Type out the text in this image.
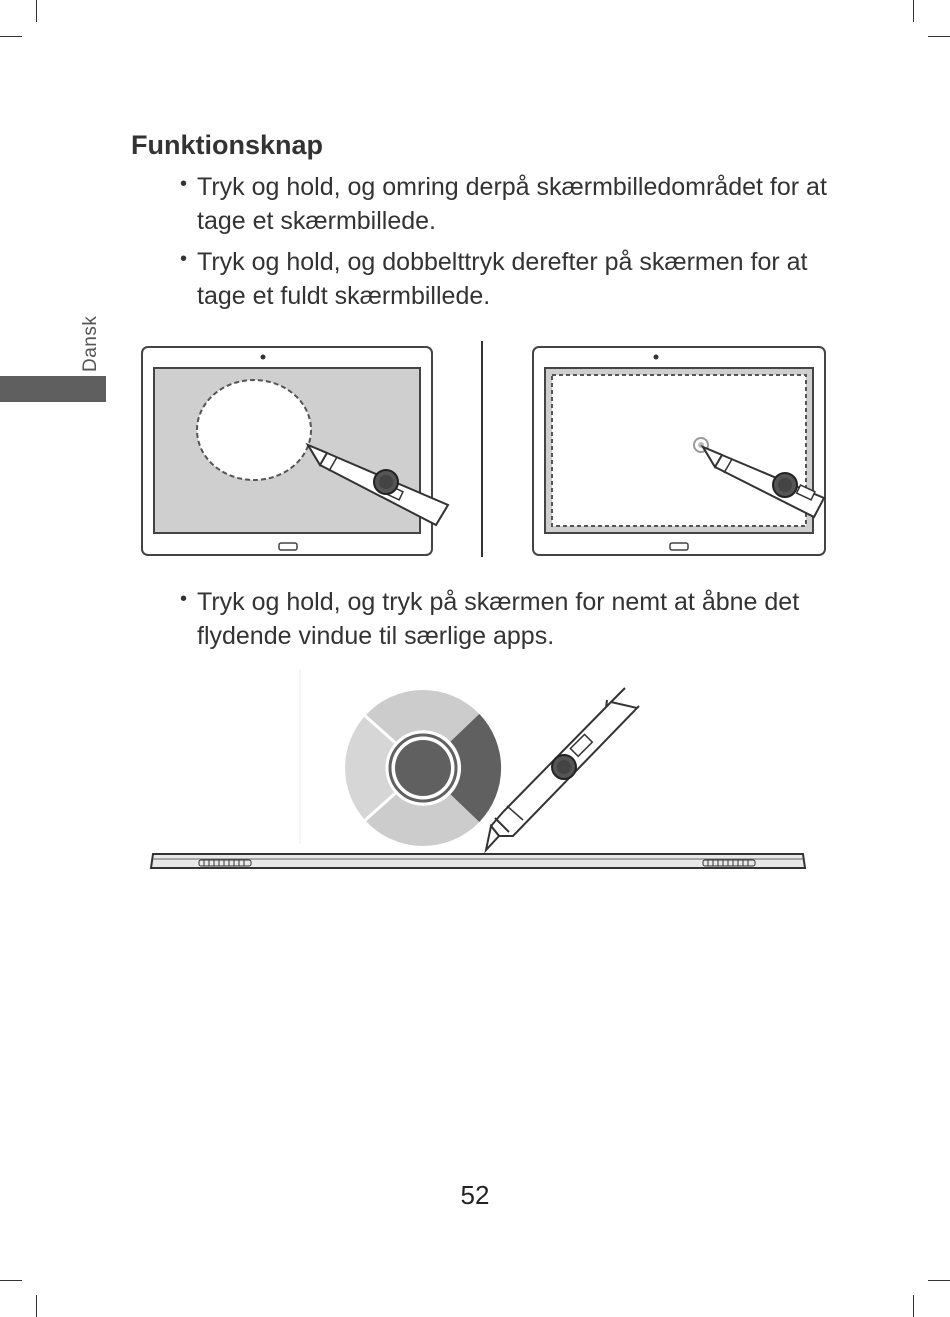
Dansk
Funktionsknap
• Tryk og hold, og omring derpå skærmbilledområdet for at tage et skærmbillede.
• Tryk og hold, og dobbelttryk derefter på skærmen for at tage et fuldt skærmbillede.
• Tryk og hold, og tryk på skærmen for nemt at åbne det flydende vindue til særlige apps.
52
